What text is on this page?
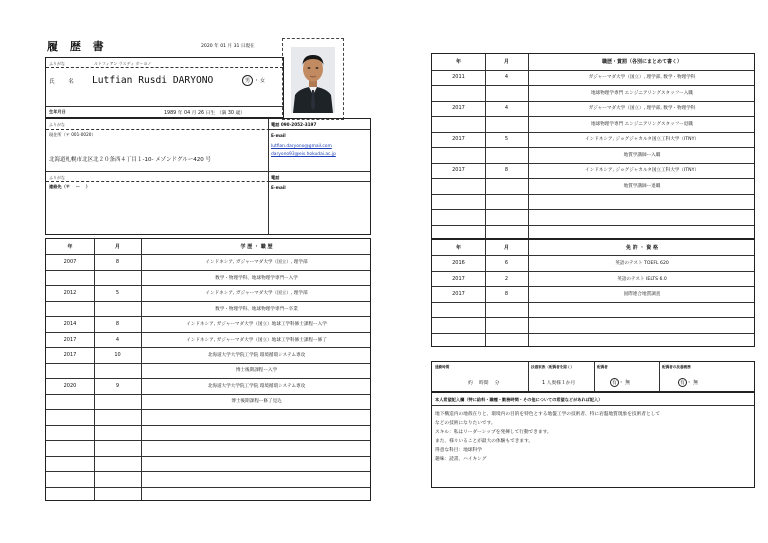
履 歴 書	2020 年 01 月 31 日現在
ふりがな	ルトフィアン ラスディ ダーヨノ
氏 名 Lutfian Rusdi DARYONO	男 ・ 女
生年月日	1989 年 04 月 26 日生 （満 30 歳）
ふりがな	電話 090-2052-3197
現住所（〒 001-0020）	E-mail
北海道札幌市北区北２０条西４丁目１-10- メゾンドグルー420 号
lutfian.daryono@gmail.com
daryono93@eis.hokudai.ac.jp
ふりがな	電話
連絡先（〒    ー    ）	E-mail
年	月	学 歴 ・ 職 歴
2007	8	インドネシア, ガジャーマダ大学（国立）, 理学部
数学・物理学科、地球物理学専門ー入学
2012	5	インドネシア, ガジャーマダ大学（国立）, 理学部
数学・物理学科、地球物理学専門ー卒業
2014	8	インドネシア, ガジャーマダ大学（国立）地球工学科修士課程ー入学
2017	4	インドネシア, ガジャーマダ大学（国立）地球工学科修士課程ー修了
2017	10	北海道大学大学院工学院 環境循環システム専攻
博士後期課程ー入学
2020	9	北海道大学大学院工学院 環境循環システム専攻
博士後期課程ー修了見込
年	月	職歴・賞罰（各別にまとめて書く）
2011	4	ガジャーマダ大学（国立）, 理学部, 数学・物理学科
地球物理学専門 エンジニアリングスタッフー入職
2017	4	ガジャーマダ大学（国立）, 理学部, 数学・物理学科
地球物理学専門 エンジニアリングスタッフー退職
2017	5	インドネシア, ジョグジャカルタ国立工科大学（ITNY）
地質学講師ー入職
2017	8	インドネシア, ジョグジャカルタ国立工科大学（ITNY）
地質学講師ー退職
年	月	免 許 ・ 資 格
2016	6	英語のテスト TOEFL 620
2017	2	英語のテスト IELTS 6.0
2017	8	国際連合地質調査
通勤時間
約    時間    分
扶養家族（配偶者を除く）
1 人奥様１か月
配偶者
有 ・ 無
配偶者の扶養義務
有 ・ 無
本人希望記入欄（特に給料・職種・勤務時間・その他についての希望などがあれば記入）
地下構造内の地殻在りと、環境内の目的を特色とする地盤工学の技術者、特に岩盤地質現象を技術者として
などの技術になりたいです。
スキル：私はリーダーシップを発揮して行動できます。
また、様々いることが最大の体験もできます。
得意な科目：地球科学
趣味：読書、ハイキング
